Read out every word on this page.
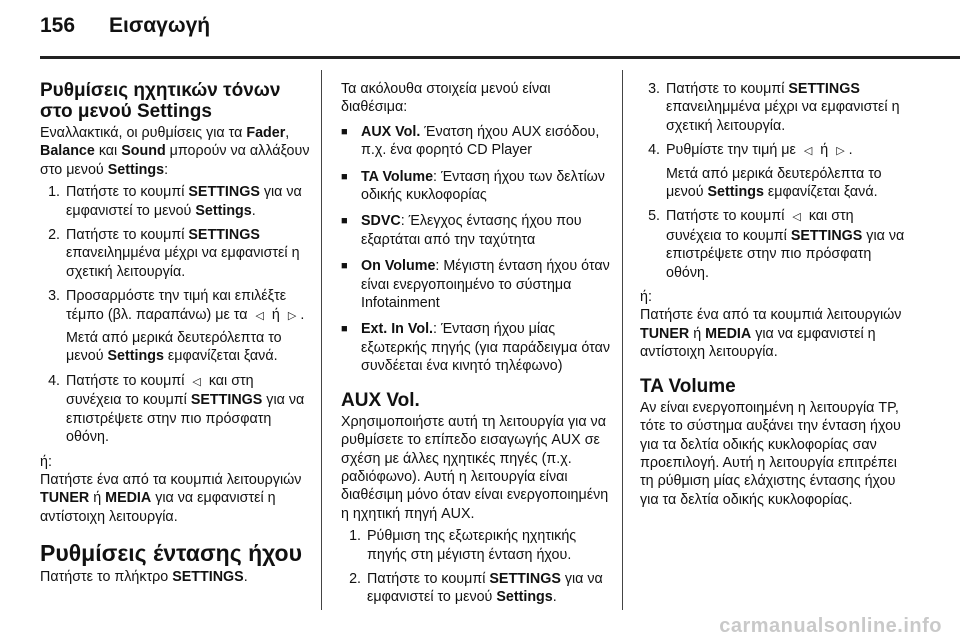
156 Εισαγωγή
Ρυθμίσεις ηχητικών τόνων στο μενού Settings

Εναλλακτικά, οι ρυθμίσεις για τα Fader, Balance και Sound μπορούν να αλλάξουν στο μενού Settings:

1. Πατήστε το κουμπί SETTINGS για να εμφανιστεί το μενού Settings.
2. Πατήστε το κουμπί SETTINGS επανειλημμένα μέχρι να εμφανιστεί η σχετική λειτουργία.
3. Προσαρμόστε την τιμή και επιλέξτε τέμπο (βλ. παραπάνω) με τα ◁ ή ▷ .
Μετά από μερικά δευτερόλεπτα το μενού Settings εμφανίζεται ξανά.
4. Πατήστε το κουμπί ◁ και στη συνέχεια το κουμπί SETTINGS για να επιστρέψετε στην πιο πρόσφατη οθόνη.

ή:

Πατήστε ένα από τα κουμπιά λειτουργιών TUNER ή MEDIA για να εμφανιστεί η αντίστοιχη λειτουργία.

Ρυθμίσεις έντασης ήχου

Πατήστε το πλήκτρο SETTINGS.

Τα ακόλουθα στοιχεία μενού είναι διαθέσιμα:

■ AUX Vol. Ένατση ήχου AUX εισόδου, π.χ. ένα φορητό CD Player
■ TA Volume: Ένταση ήχου των δελτίων οδικής κυκλοφορίας
■ SDVC: Έλεγχος έντασης ήχου που εξαρτάται από την ταχύτητα
■ On Volume: Μέγιστη ένταση ήχου όταν είναι ενεργοποιημένο το σύστημα Infotainment
■ Ext. In Vol.: Ένταση ήχου μίας εξωτερκής πηγής (για παράδειγμα όταν συνδέεται ένα κινητό τηλέφωνο)
AUX Vol.

Χρησιμοποιήστε αυτή τη λειτουργία για να ρυθμίσετε το επίπεδο εισαγωγής AUX σε σχέση με άλλες ηχητικές πηγές (π.χ. ραδιόφωνο). Αυτή η λειτουργία είναι διαθέσιμη μόνο όταν είναι ενεργοποιημένη η ηχητική πηγή AUX.

1. Ρύθμιση της εξωτερικής ηχητικής πηγής στη μέγιστη ένταση ήχου.
2. Πατήστε το κουμπί SETTINGS για να εμφανιστεί το μενού Settings.
3. Πατήστε το κουμπί SETTINGS επανειλημμένα μέχρι να εμφανιστεί η σχετική λειτουργία.
4. Ρυθμίστε την τιμή με ◁ ή ▷ .
Μετά από μερικά δευτερόλεπτα το μενού Settings εμφανίζεται ξανά.
5. Πατήστε το κουμπί ◁ και στη συνέχεια το κουμπί SETTINGS για να επιστρέψετε στην πιο πρόσφατη οθόνη.

ή:

Πατήστε ένα από τα κουμπιά λειτουργιών TUNER ή MEDIA για να εμφανιστεί η αντίστοιχη λειτουργία.

TA Volume

Αν είναι ενεργοποιημένη η λειτουργία TP, τότε το σύστημα αυξάνει την ένταση ήχου για τα δελτία οδικής κυκλοφορίας σαν προεπιλογή. Αυτή η λειτουργία επιτρέπει τη ρύθμιση μίας ελάχιστης έντασης ήχου για τα δελτία οδικής κυκλοφορίας.

carmanualsonline.info
